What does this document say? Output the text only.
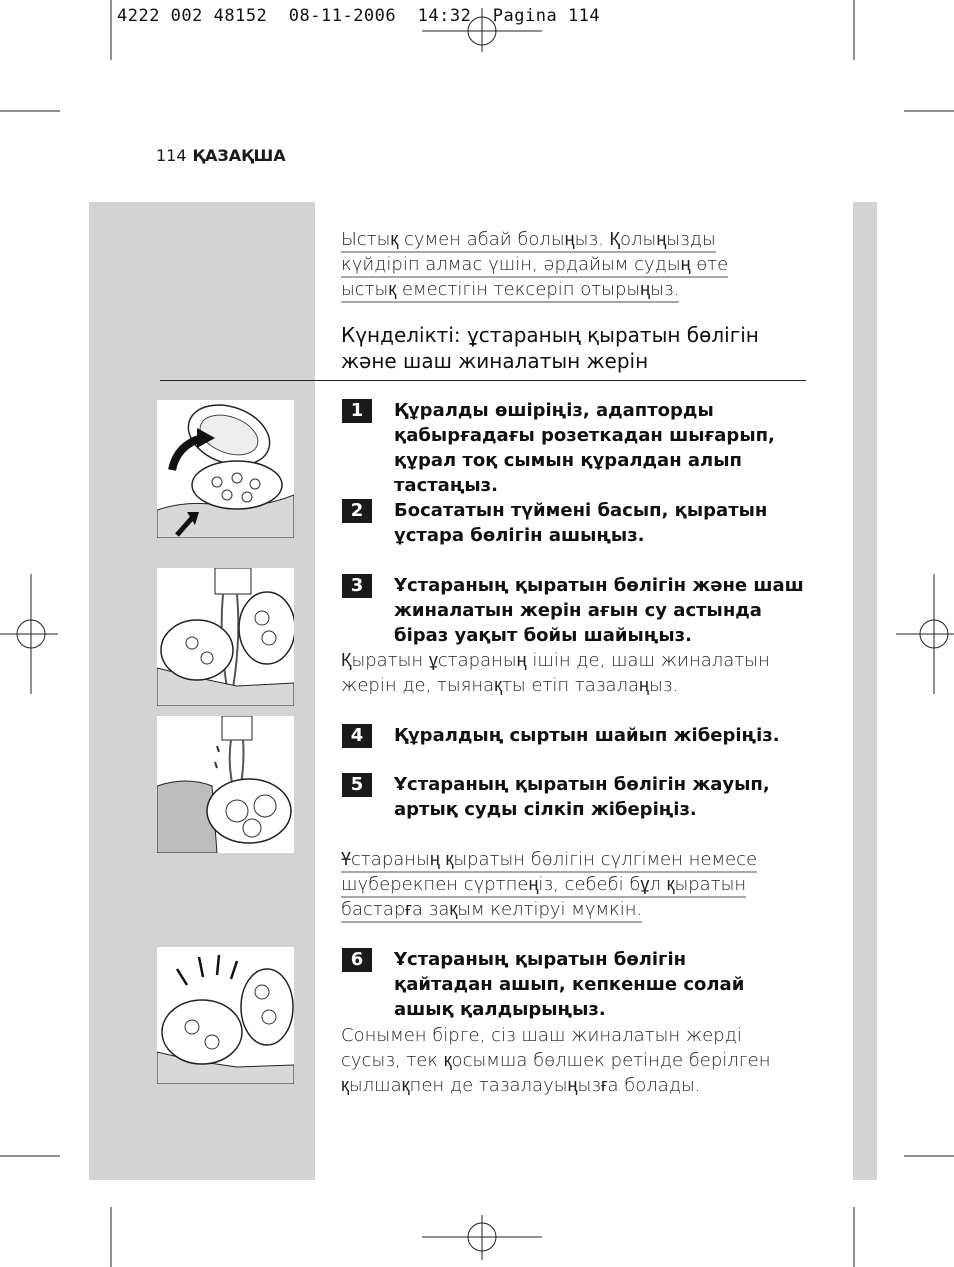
4222 002 48152 08-11-2006 14:32 Pagina 114
114 ҚАЗАҚША

Ыстық сумен абай болыңыз. Қолыңызды

күйдіріп алмас үшін, әрдайым судың өте

ыстық еместігін тексеріп отырыңыз.

Күнделікті: ұстараның қыратын бөлігін
және шаш жиналатын жерін
1	Құралды өшіріңіз, адапторды қабырғадағы розеткадан шығарып, құрал тоқ сымын құралдан алып тастаңыз.
2	Босататын түймені басып, қыратын ұстара бөлігін ашыңыз.
3	Ұстараның қыратын бөлігін және шаш жиналатын жерін ағын су астында біраз уақыт бойы шайыңыз.
Қыратын ұстараның ішін де, шаш жиналатын жерін де, тыянақты етіп тазалаңыз.
4	Құралдың сыртын шайып жіберіңіз.
5	Ұстараның қыратын бөлігін жауып, артық суды сілкіп жіберіңіз.

Ұстараның қыратын бөлігін сүлгімен немесе

шүберекпен сүртпеңіз, себебі бұл қыратын

бастарға зақым келтіруі мүмкін.

6	Ұстараның қыратын бөлігін қайтадан ашып, кепкенше солай ашық қалдырыңыз.
Сонымен бірге, сіз шаш жиналатын жерді сусыз, тек қосымша бөлшек ретінде берілген қылшақпен де тазалауыңызға болады.
